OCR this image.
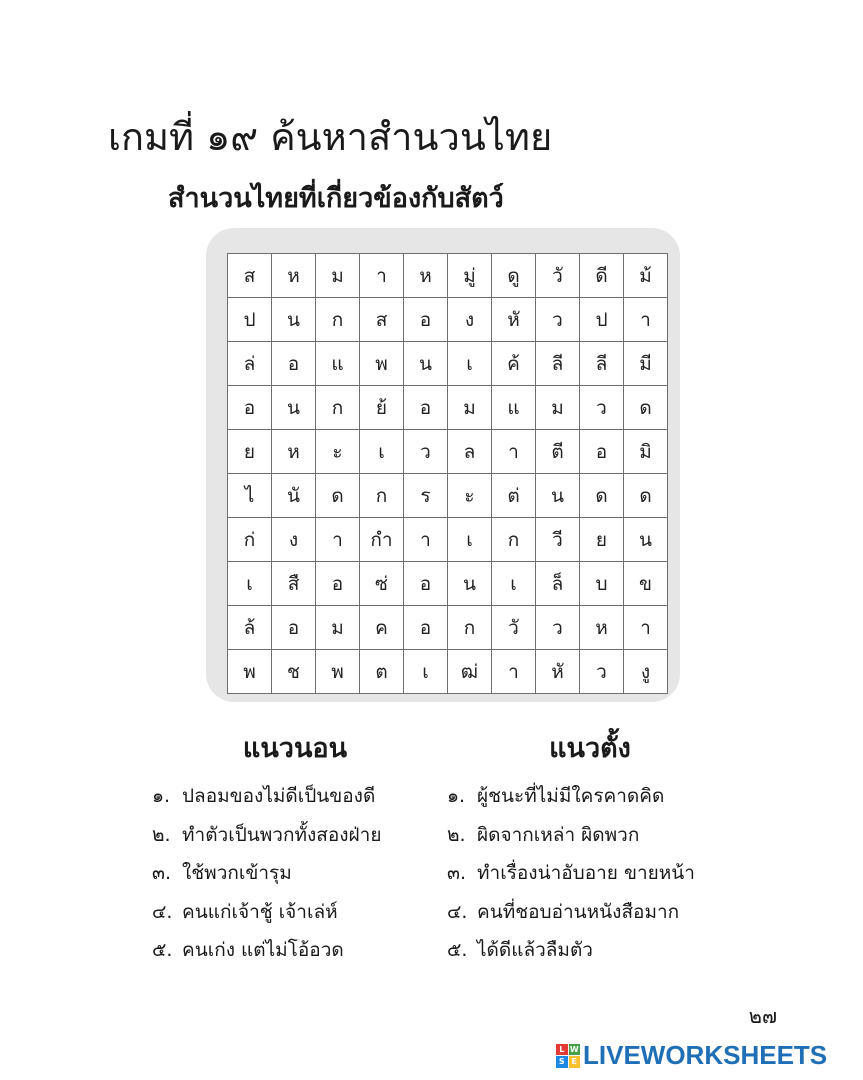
เกมที่ ๑๙ ค้นหาสำนวนไทย
สำนวนไทยที่เกี่ยวข้องกับสัตว์
ส	ห	ม	า	ห	มู่	ดู	วั	ดี	ม้
ป	น	ก	ส	อ	ง	หั	ว	ป	า
ล่	อ	แ	พ	น	เ	ค้	ลี	ลี	มี
อ	น	ก	ย้	อ	ม	แ	ม	ว	ด
ย	ห	ะ	เ	ว	ล	า	ตี	อ	มิ
ไ	นั	ด	ก	ร	ะ	ต่	น	ด	ด
ก่	ง	า	กำ	า	เ	ก	วี	ย	น
เ	สื	อ	ซ่	อ	น	เ	ล็	บ	ข
ล้	อ	ม	ค	อ	ก	วั	ว	ห	า
พ	ช	พ	ต	เ	ฒ่	า	หั	ว	งู
แนวนอน	แนวตั้ง
๑. ปลอมของไม่ดีเป็นของดี
๒. ทำตัวเป็นพวกทั้งสองฝ่าย
๓. ใช้พวกเข้ารุม
๔. คนแก่เจ้าชู้ เจ้าเล่ห์
๕. คนเก่ง แต่ไม่โอ้อวด
๑. ผู้ชนะที่ไม่มีใครคาดคิด
๒. ผิดจากเหล่า ผิดพวก
๓. ทำเรื่องน่าอับอาย ขายหน้า
๔. คนที่ชอบอ่านหนังสือมาก
๕. ได้ดีแล้วลืมตัว
๒๗
L W
S E LIVEWORKSHEETS
